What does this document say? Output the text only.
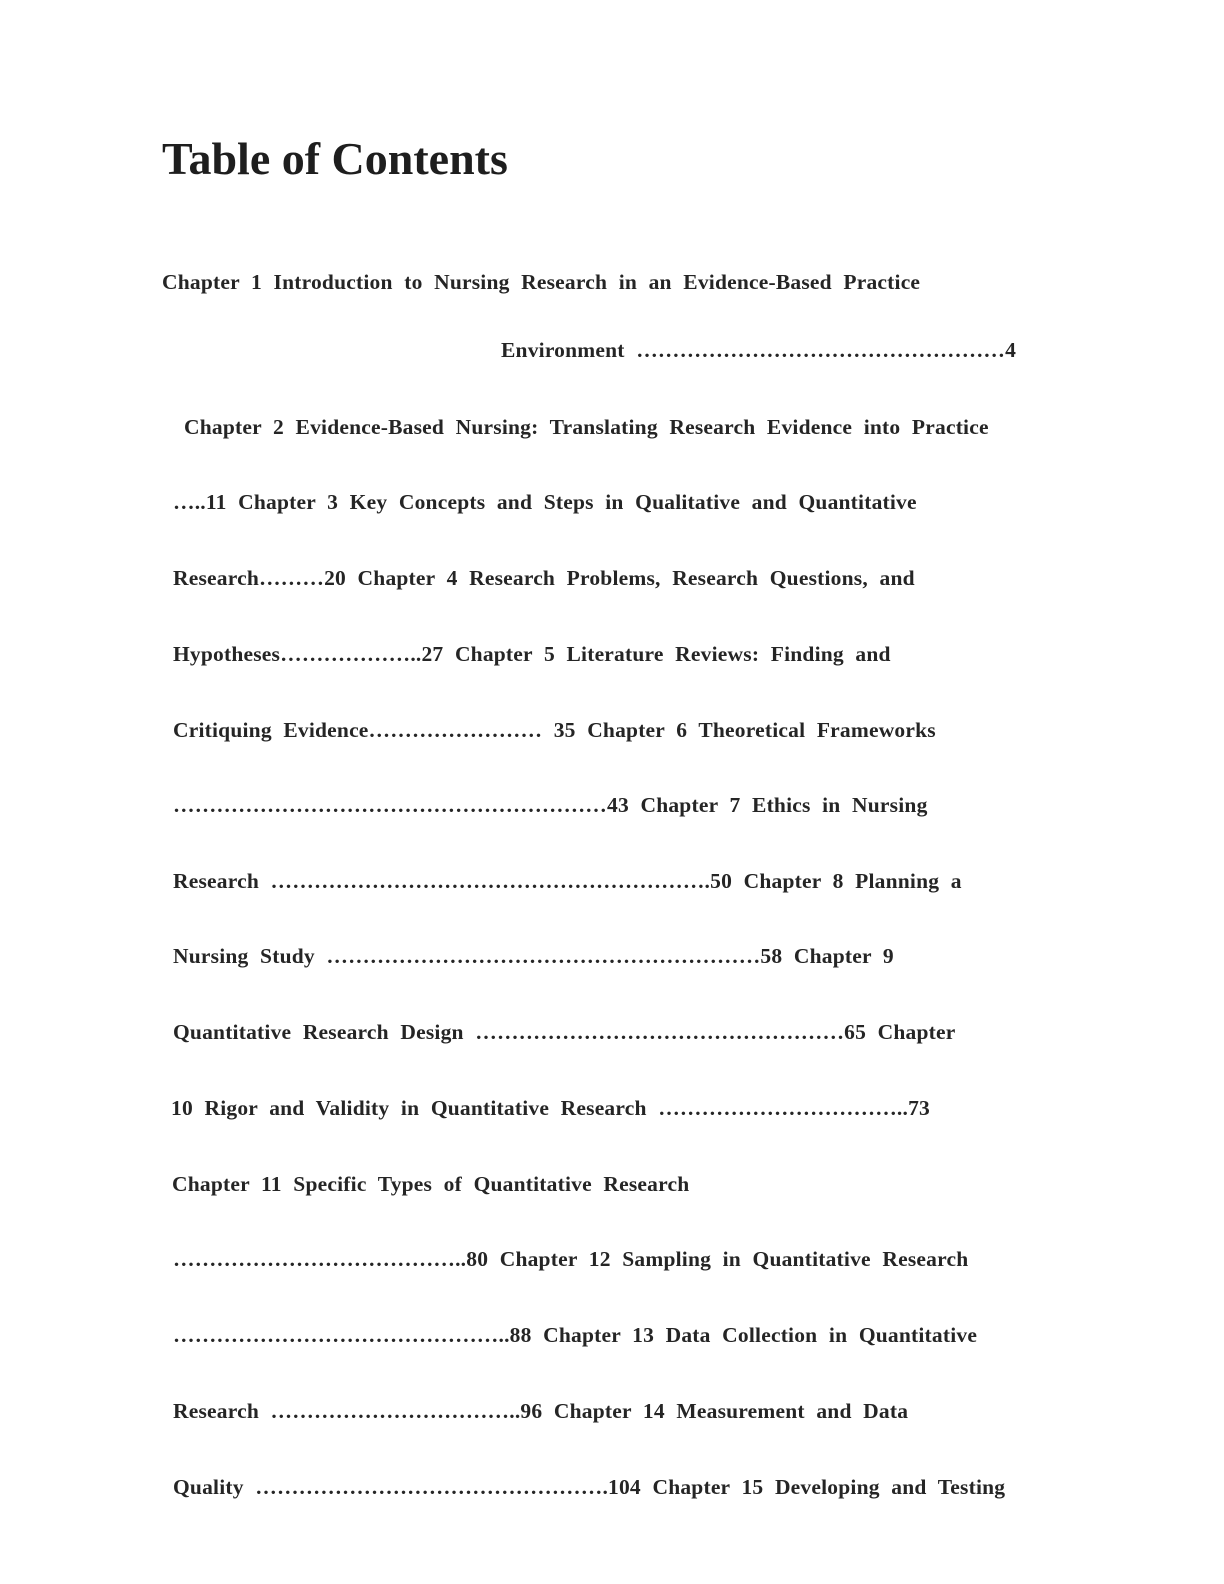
Table of Contents

Chapter 1 Introduction to Nursing Research in an Evidence-Based Practice

Environment ……………………………………………4

Chapter 2 Evidence-Based Nursing: Translating Research Evidence into Practice

…..11 Chapter 3 Key Concepts and Steps in Qualitative and Quantitative

Research………20 Chapter 4 Research Problems, Research Questions, and

Hypotheses………………..27 Chapter 5 Literature Reviews: Finding and

Critiquing Evidence…………………… 35 Chapter 6 Theoretical Frameworks

……………………………………………………43 Chapter 7 Ethics in Nursing

Research …………………………………………………….50 Chapter 8 Planning a

Nursing Study ……………………………………………………58 Chapter 9

Quantitative Research Design ……………………………………………65 Chapter

10 Rigor and Validity in Quantitative Research ……………………………..73

Chapter 11 Specific Types of Quantitative Research

…………………………………..80 Chapter 12 Sampling in Quantitative Research

………………………………………..88 Chapter 13 Data Collection in Quantitative

Research ……………………………..96 Chapter 14 Measurement and Data

Quality ………………………………………….104 Chapter 15 Developing and Testing
